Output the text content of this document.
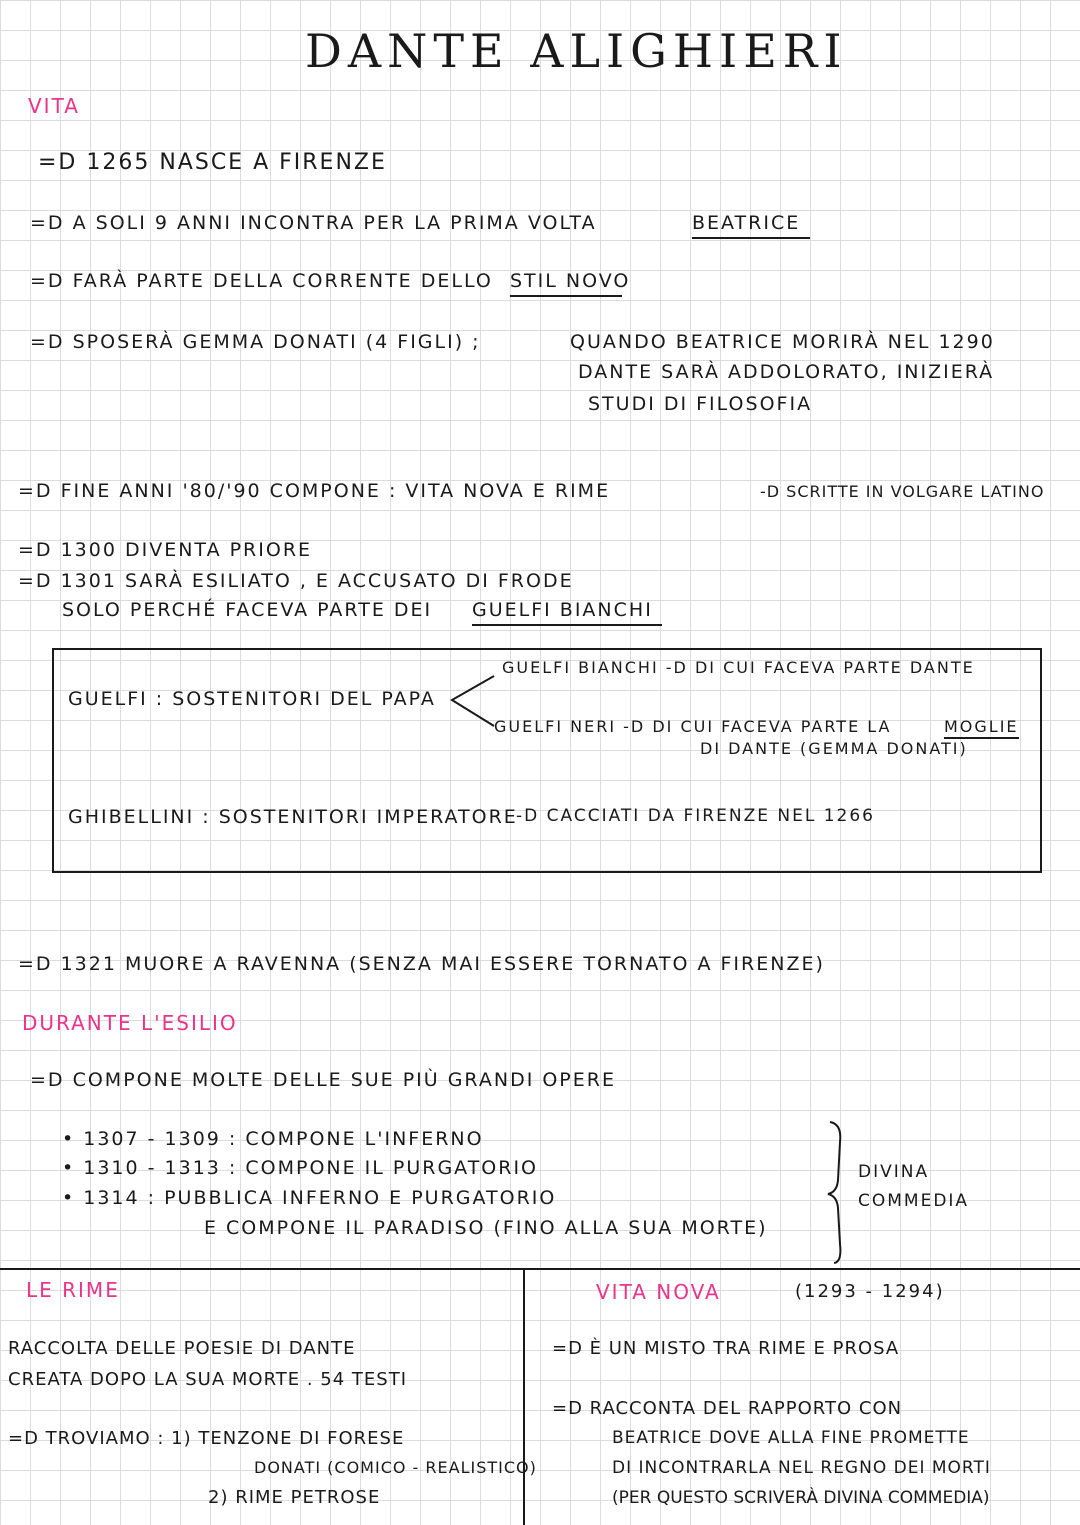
DANTE ALIGHIERI
VITA
=D 1265 NASCE A FIRENZE
=D A SOLI 9 ANNI INCONTRA PER LA PRIMA VOLTA	BEATRICE
=D FARÀ PARTE DELLA CORRENTE DELLO STIL NOVO
=D SPOSERÀ GEMMA DONATI (4 FIGLI) ;	QUANDO BEATRICE MORIRÀ NEL 1290
DANTE SARÀ ADDOLORATO, INIZIERÀ
STUDI DI FILOSOFIA
=D FINE ANNI '80/'90 COMPONE : VITA NOVA E RIME	-D SCRITTE IN VOLGARE LATINO
=D 1300 DIVENTA PRIORE
=D 1301 SARÀ ESILIATO , E ACCUSATO DI FRODE
SOLO PERCHÉ FACEVA PARTE DEI GUELFI BIANCHI
GUELFI : SOSTENITORI DEL PAPA
GUELFI BIANCHI -D DI CUI FACEVA PARTE DANTE
GUELFI NERI -D DI CUI FACEVA PARTE LA	MOGLIE
DI DANTE (GEMMA DONATI)
GHIBELLINI : SOSTENITORI IMPERATORE
-D CACCIATI DA FIRENZE NEL 1266
=D 1321 MUORE A RAVENNA (SENZA MAI ESSERE TORNATO A FIRENZE)
DURANTE L'ESILIO
=D COMPONE MOLTE DELLE SUE PIÙ GRANDI OPERE
• 1307 - 1309 : COMPONE L'INFERNO
• 1310 - 1313 : COMPONE IL PURGATORIO
• 1314 : PUBBLICA INFERNO E PURGATORIO
E COMPONE IL PARADISO (FINO ALLA SUA MORTE)
DIVINA
COMMEDIA
LE RIME
RACCOLTA DELLE POESIE DI DANTE
CREATA DOPO LA SUA MORTE . 54 TESTI
=D TROVIAMO : 1) TENZONE DI FORESE
DONATI (COMICO - REALISTICO)
2) RIME PETROSE
VITA NOVA	(1293 - 1294)
=D È UN MISTO TRA RIME E PROSA
=D RACCONTA DEL RAPPORTO CON
BEATRICE DOVE ALLA FINE PROMETTE
DI INCONTRARLA NEL REGNO DEI MORTI
(PER QUESTO SCRIVERÀ DIVINA COMMEDIA)
